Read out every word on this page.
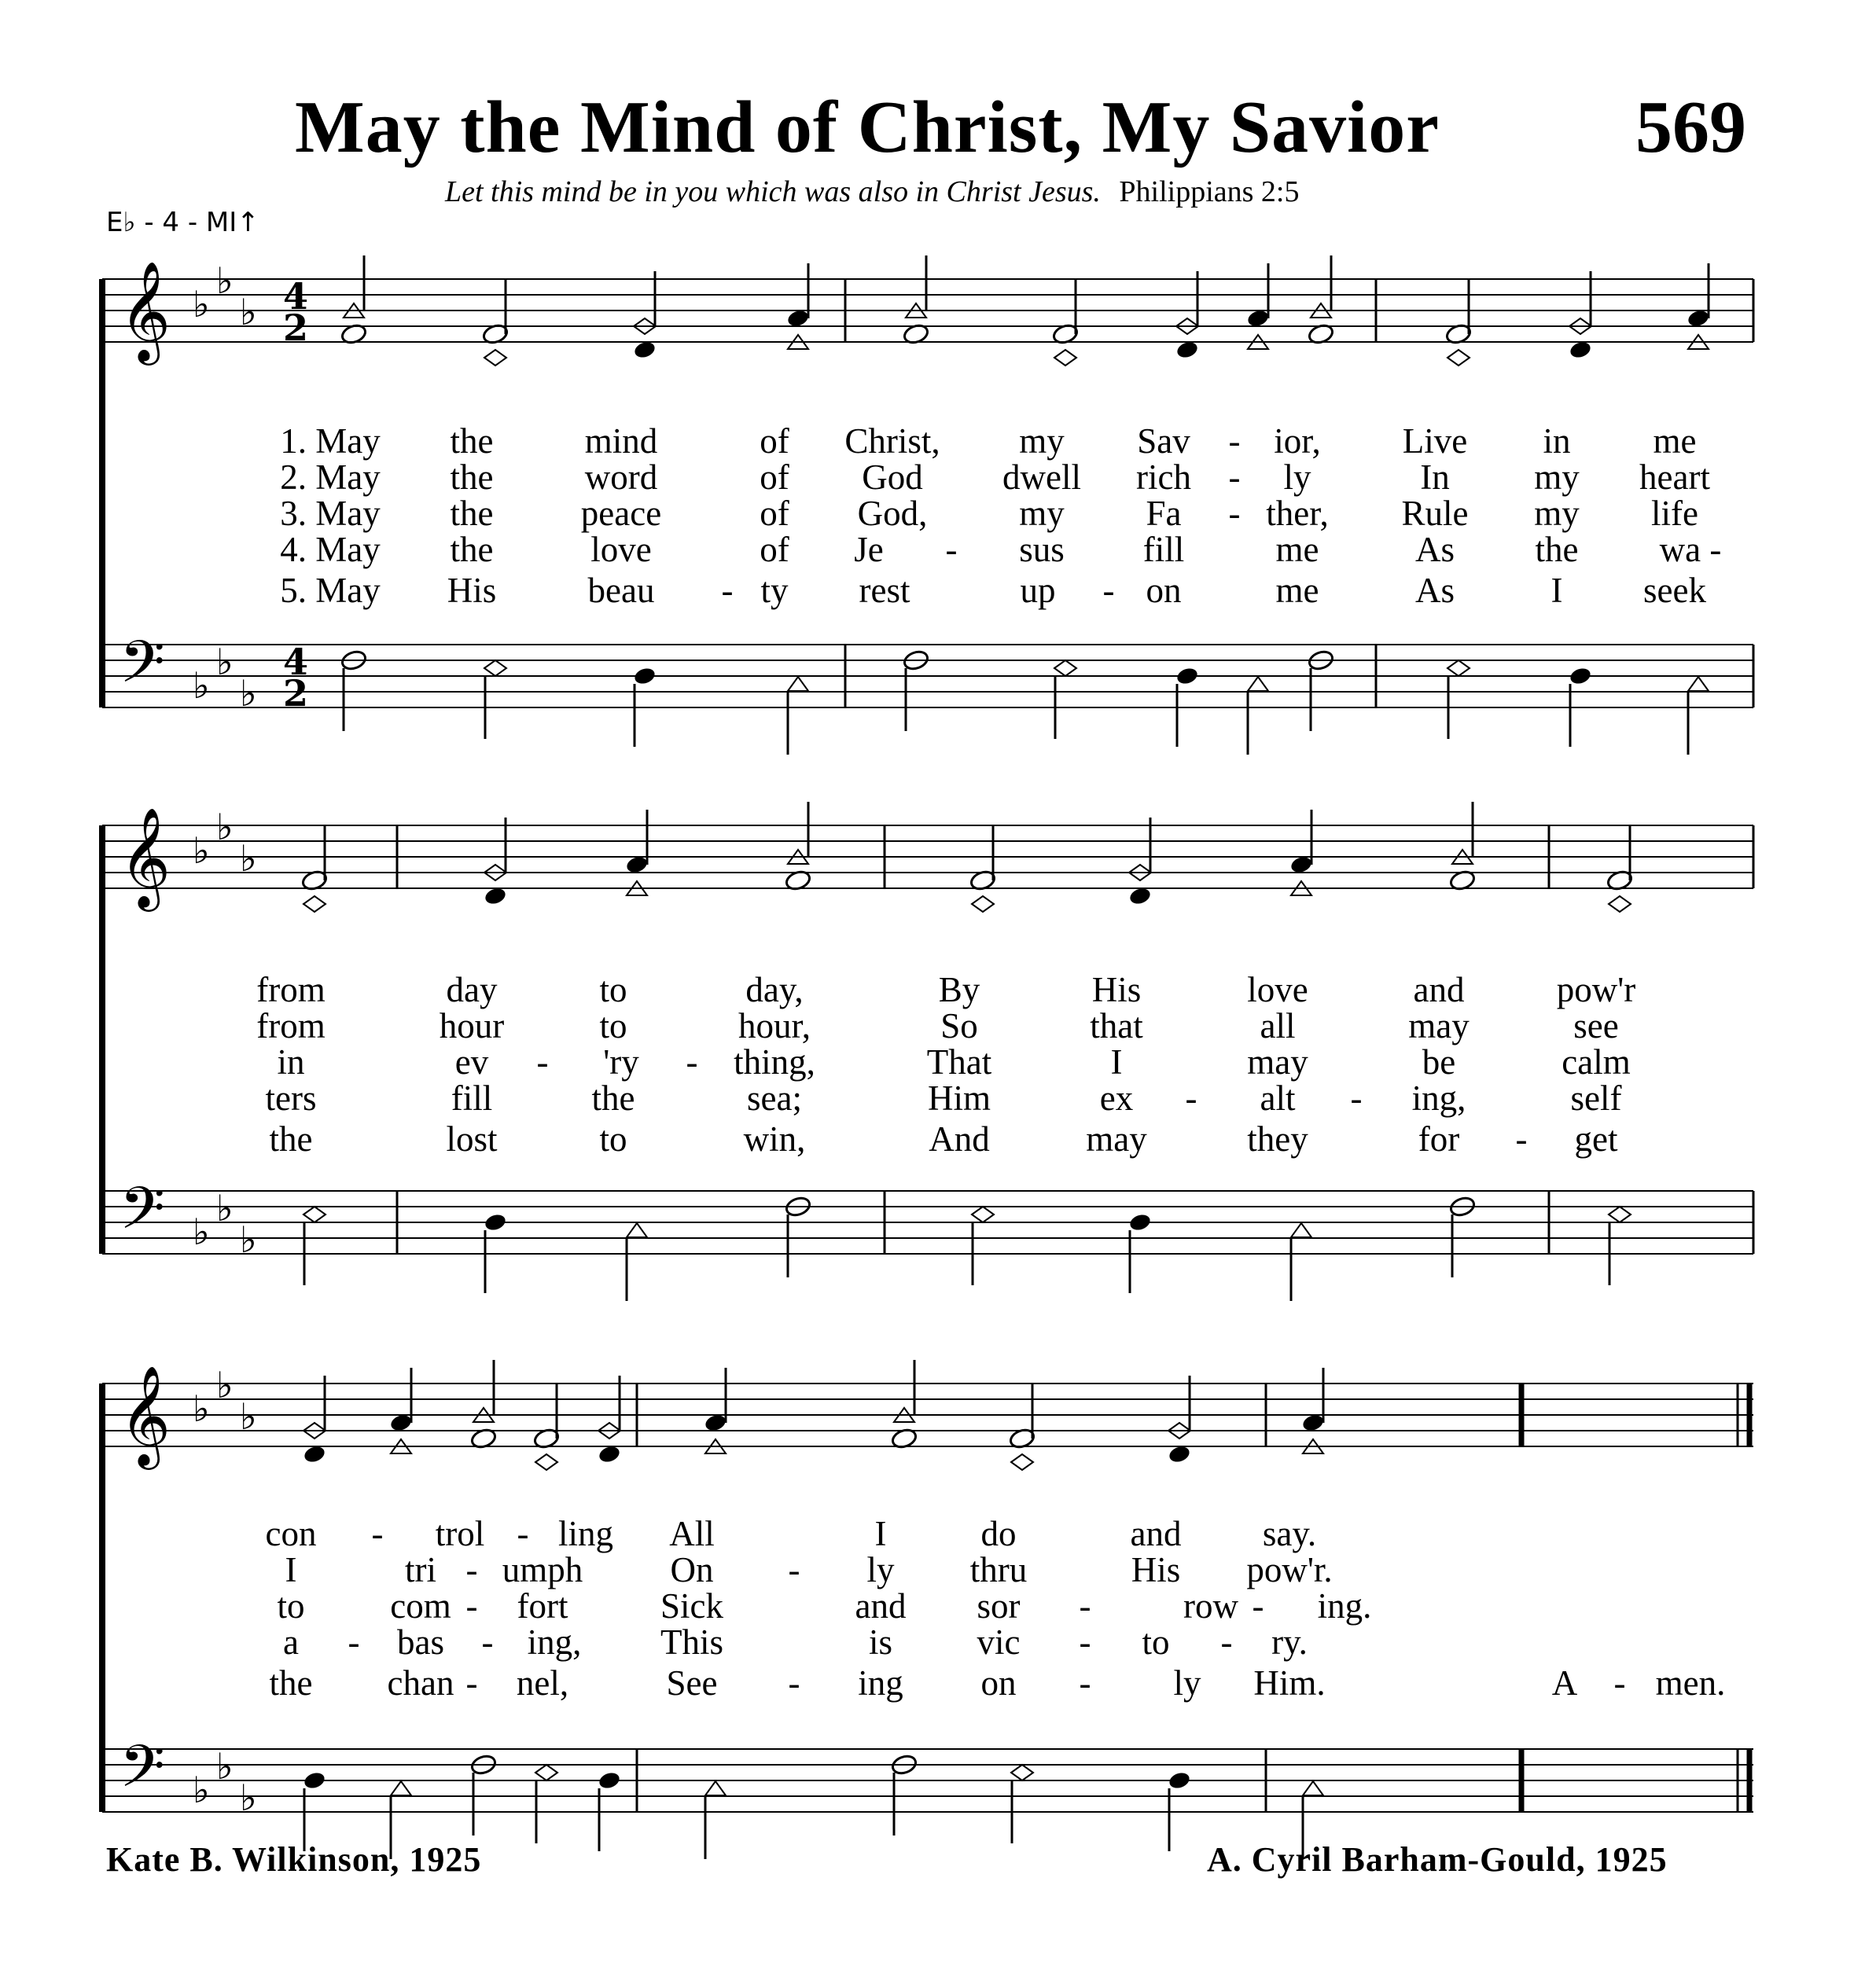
May the Mind of Christ, My Savior	569
Let this mind be in you which was also in Christ Jesus. Philippians 2:5
E♭ - 4 - MI↑
𝄞
𝄢
♭
♭
♭
♭
♭
♭
4
2
4
2
𝄞
𝄢
♭
♭
♭
♭
♭
♭
𝄞
𝄢
♭
♭
♭
♭
♭
♭
1. May the	mind	of Christ, my Sav - ior, Live in me
2. May the	word	of God dwell rich - ly	In my heart
3. May the peace	of God,	my Fa - ther, Rule my life
4. May the	love	of Je - sus fill	me	As the wa -
5. May His	beau - ty rest	up - on	me	As	I seek
from	day	to	day,	By	His	love	and	pow'r
from	hour	to	hour,	So	that	all	may	see
in	ev - 'ry - thing,	That	I	may	be	calm
ters	fill	the	sea;	Him	ex - alt - ing,	self
the	lost	to	win,	And	may	they	for - get
con - trol - ling All	I	do	and say.
I	tri - umph On - ly thru	His pow'r.
to com - fort	Sick	and sor -	row - ing.
a - bas - ing, This	is vic - to - ry.
the chan - nel,	See - ing on - ly Him.	A - men.
Kate B. Wilkinson, 1925	A. Cyril Barham-Gould, 1925
